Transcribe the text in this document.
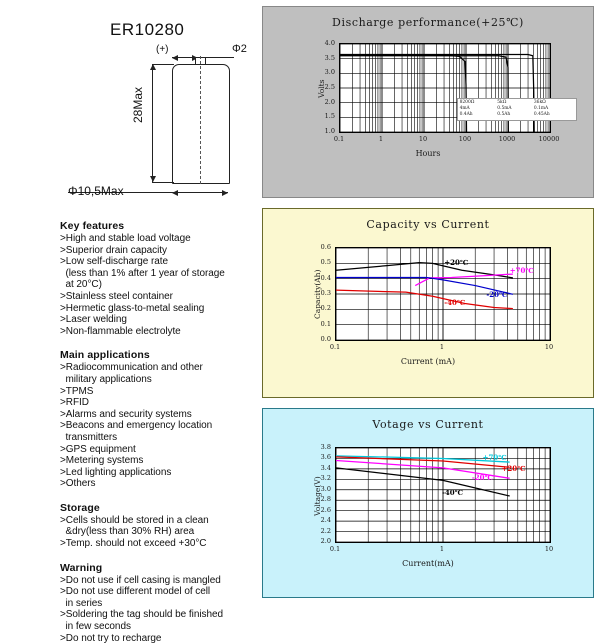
ER10280
(+)	Φ2
28Max
Φ10,5Max
Key features
>High and stable load voltage
>Superior drain capacity
>Low self-discharge rate
(less than 1% after 1 year of storage
at 20°C)
>Stainless steel container
>Hermetic glass-to-metal sealing
>Laser welding
>Non-flammable electrolyte
Main applications
>Radiocommunication and other
military applications
>TPMS
>RFID
>Alarms and security systems
>Beacons and emergency location
transmitters
>GPS equipment
>Metering systems
>Led lighting applications
>Others
Storage
>Cells should be stored in a clean
&dry(less than 30% RH) area
>Temp. should not exceed +30°C
Warning
>Do not use if cell casing is mangled
>Do not use different model of cell
in series
>Soldering the tag should be finished
in few seconds
>Do not try to recharge
Discharge performance(+25℃)
1.0
1.5
2.0
2.5
3.0
3.5
4.0
0.1	1	10	100	1000	10000
Hours
Volts
8200Ω	5kΩ	36kΩ
4mA	0.5mA	0.1mA
0.4Ah	0.5Ah	0.45Ah
Capacity vs Current
0.0
0.1
0.2
0.3
0.4
0.5
0.6
0.1	1	10
Current (mA)
Capacity(Ah)
+20℃
+70℃
-20℃
-40℃
Votage vs Current
2.0
2.2
2.4
2.6
2.8
3.0
3.2
3.4
3.6
3.8
0.1	1	10
Current(mA)
Voltage(V)
+70℃
+20℃
-20℃
-40℃
